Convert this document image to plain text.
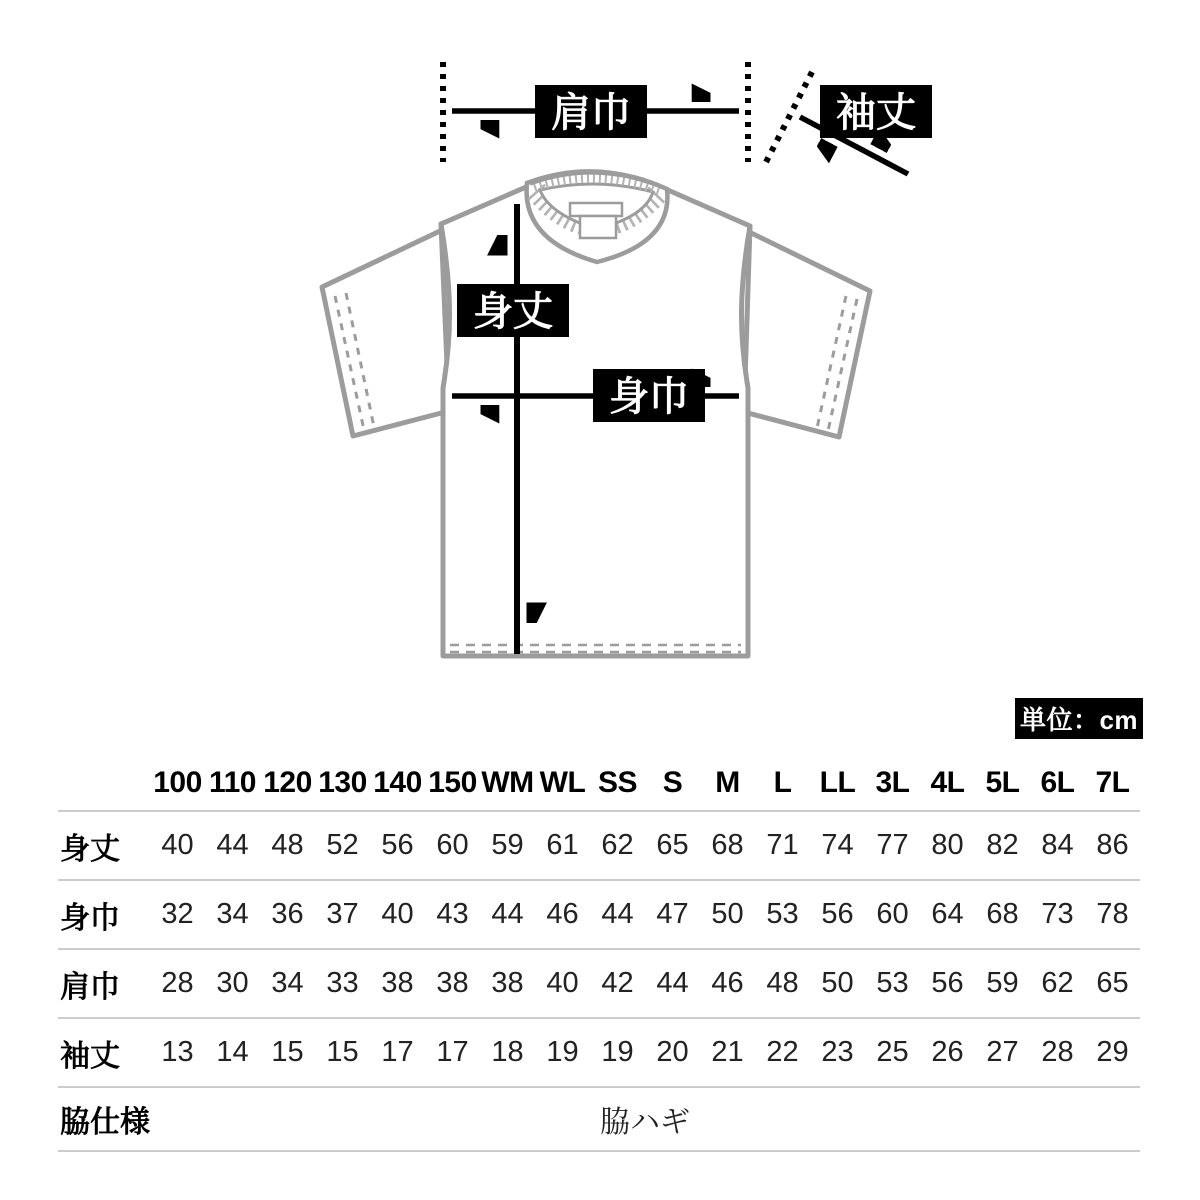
肩巾	袖丈
身丈
身巾
単位：cm
100 110 120 130 140 150 WM WL SS S	M	L LL 3L 4L 5L 6L 7L
身丈	40 44 48 52 56 60 59 61 62 65 68 71 74 77 80 82 84 86
身巾	32 34 36 37 40 43 44 46 44 47 50 53 56 60 64 68 73 78
肩巾	28 30 34 33 38 38 38 40 42 44 46 48 50 53 56 59 62 65
袖丈	13 14 15 15 17 17 18 19 19 20 21 22 23 25 26 27 28 29
脇仕様	脇ハギ
